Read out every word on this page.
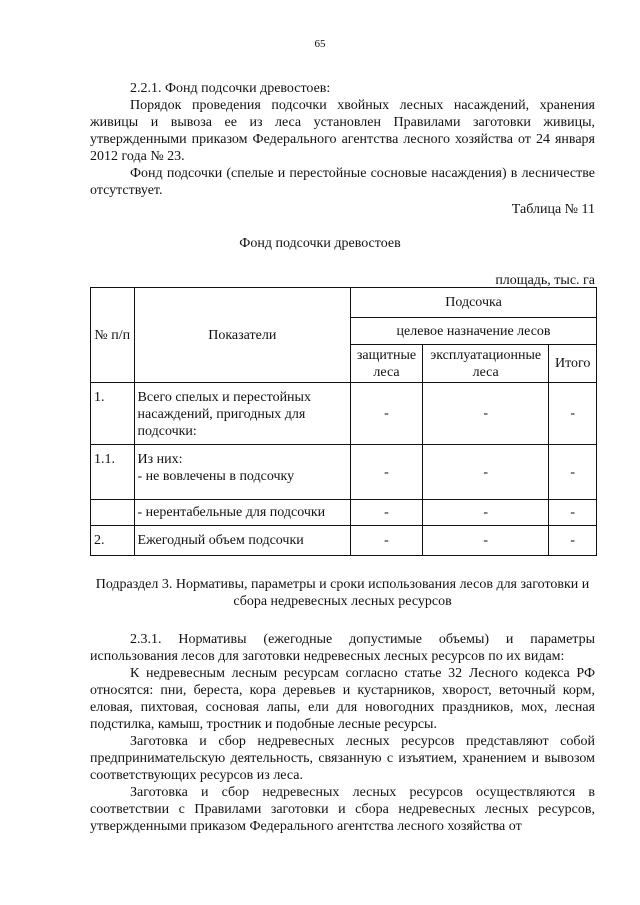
65

2.2.1. Фонд подсочки древостоев:

Порядок проведения подсочки хвойных лесных насаждений, хранения живицы и вывоза ее из леса установлен Правилами заготовки живицы, утвержденными приказом Федерального агентства лесного хозяйства от 24 января 2012 года № 23.

Фонд подсочки (спелые и перестойные сосновые насаждения) в лесничестве отсутствует.

Таблица № 11
Фонд подсочки древостоев
площадь, тыс. га
№ п/п	Показатели	Подсочка		
		целевое назначение лесов		
		защитные леса	эксплуатационные леса	Итого
1.	Всего спелых и перестойных насаждений, пригодных для подсочки:	-	-	-
1.1.	Из них:
- не вовлечены в подсочку	-	-	-
	- нерентабельные для подсочки	-	-	-
2.	Ежегодный объем подсочки	-	-	-
Подраздел 3. Нормативы, параметры и сроки использования лесов для заготовки и сбора недревесных лесных ресурсов

2.3.1. Нормативы (ежегодные допустимые объемы) и параметры использования лесов для заготовки недревесных лесных ресурсов по их видам:

К недревесным лесным ресурсам согласно статье 32 Лесного кодекса РФ относятся: пни, береста, кора деревьев и кустарников, хворост, веточный корм, еловая, пихтовая, сосновая лапы, ели для новогодних праздников, мох, лесная подстилка, камыш, тростник и подобные лесные ресурсы.

Заготовка и сбор недревесных лесных ресурсов представляют собой предпринимательскую деятельность, связанную с изъятием, хранением и вывозом соответствующих ресурсов из леса.

Заготовка и сбор недревесных лесных ресурсов осуществляются в соответствии с Правилами заготовки и сбора недревесных лесных ресурсов, утвержденными приказом Федерального агентства лесного хозяйства от
